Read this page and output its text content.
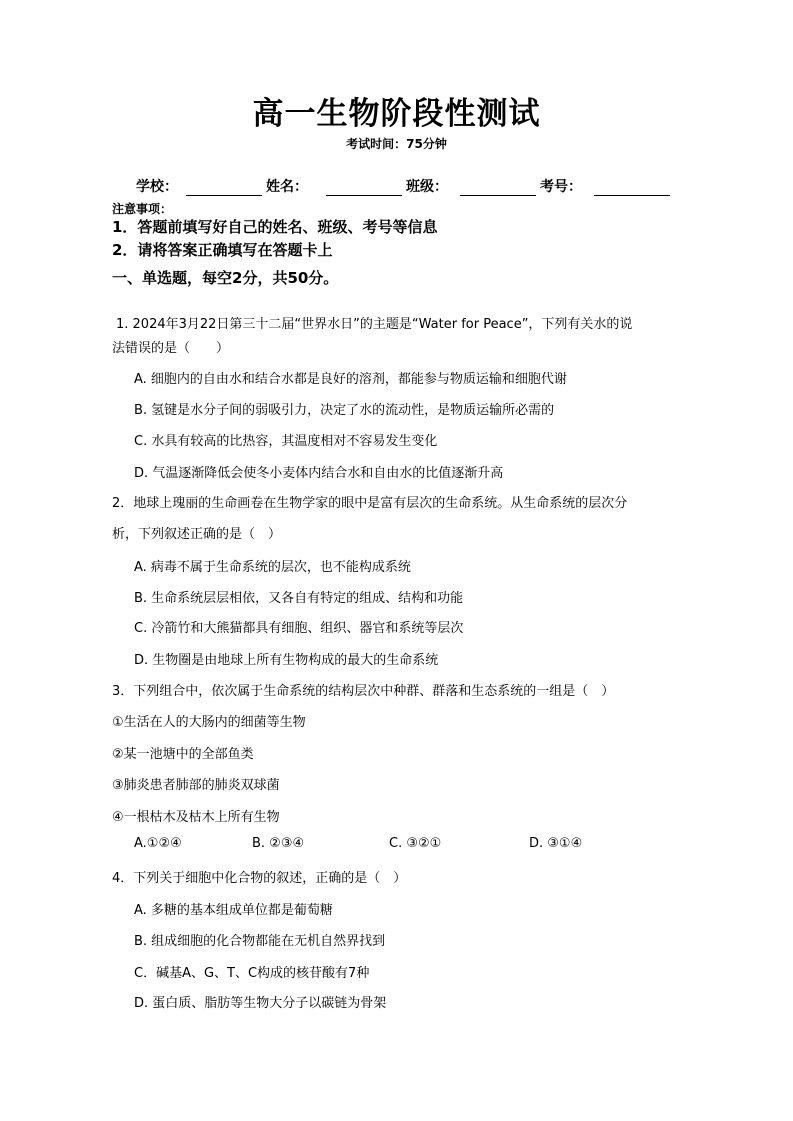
高一生物阶段性测试
考试时间：75分钟
学校：	姓名：	班级：	考号：
注意事项：
1．答题前填写好自己的姓名、班级、考号等信息
2．请将答案正确填写在答题卡上
一、单选题，每空2分，共50分。
1. 2024年3月22日第三十二届“世界水日”的主题是“Water for Peace”，下列有关水的说
法错误的是（　　）
A. 细胞内的自由水和结合水都是良好的溶剂，都能参与物质运输和细胞代谢
B. 氢键是水分子间的弱吸引力，决定了水的流动性，是物质运输所必需的
C. 水具有较高的比热容，其温度相对不容易发生变化
D. 气温逐渐降低会使冬小麦体内结合水和自由水的比值逐渐升高
2．地球上瑰丽的生命画卷在生物学家的眼中是富有层次的生命系统。从生命系统的层次分
析，下列叙述正确的是（　）
A. 病毒不属于生命系统的层次，也不能构成系统
B. 生命系统层层相依，又各自有特定的组成、结构和功能
C. 冷箭竹和大熊猫都具有细胞、组织、器官和系统等层次
D. 生物圈是由地球上所有生物构成的最大的生命系统
3．下列组合中，依次属于生命系统的结构层次中种群、群落和生态系统的一组是（　）
①生活在人的大肠内的细菌等生物
②某一池塘中的全部鱼类
③肺炎患者肺部的肺炎双球菌
④一根枯木及枯木上所有生物
A.①②④	B. ②③④	C. ③②①	D. ③①④
4．下列关于细胞中化合物的叙述，正确的是（　）
A. 多糖的基本组成单位都是葡萄糖
B. 组成细胞的化合物都能在无机自然界找到
C．碱基A、G、T、C构成的核苷酸有7种
D. 蛋白质、脂肪等生物大分子以碳链为骨架
